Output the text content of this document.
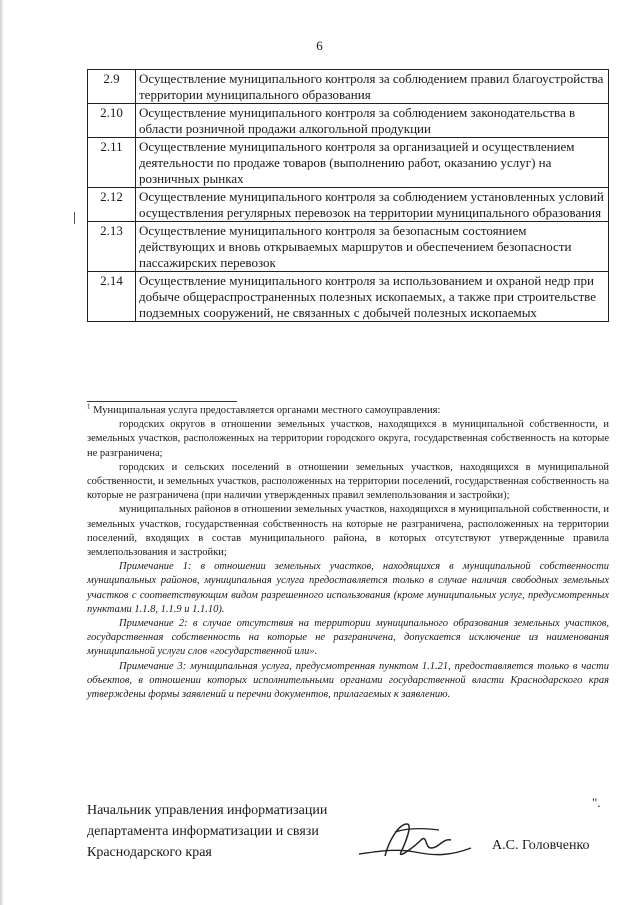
6
2.9	Осуществление муниципального контроля за соблюдением правил благоустройства территории муниципального образования
2.10	Осуществление муниципального контроля за соблюдением законодательства в области розничной продажи алкогольной продукции
2.11	Осуществление муниципального контроля за организацией и осуществлением деятельности по продаже товаров (выполнению работ, оказанию услуг) на розничных рынках
2.12	Осуществление муниципального контроля за соблюдением установленных условий осуществления регулярных перевозок на территории муниципального образования
2.13	Осуществление муниципального контроля за безопасным состоянием действующих и вновь открываемых маршрутов и обеспечением безопасности пассажирских перевозок
2.14	Осуществление муниципального контроля за использованием и охраной недр при добыче общераспространенных полезных ископаемых, а также при строительстве подземных сооружений, не связанных с добычей полезных ископаемых

$^1$ Муниципальная услуга предоставляется органами местного самоуправления:

городских округов в отношении земельных участков, находящихся в муниципальной собственности, и земельных участков, расположенных на территории городского округа, государственная собственность на которые не разграничена;

городских и сельских поселений в отношении земельных участков, находящихся в муниципальной собственности, и земельных участков, расположенных на территории поселений, государственная собственность на которые не разграничена (при наличии утвержденных правил землепользования и застройки);

муниципальных районов в отношении земельных участков, находящихся в муниципальной собственности, и земельных участков, государственная собственность на которые не разграничена, расположенных на территории поселений, входящих в состав муниципального района, в которых отсутствуют утвержденные правила землепользования и застройки;

Примечание 1: в отношении земельных участков, находящихся в муниципальной собственности муниципальных районов, муниципальная услуга предоставляется только в случае наличия свободных земельных участков с соответствующим видом разрешенного использования (кроме муниципальных услуг, предусмотренных пунктами 1.1.8, 1.1.9 и 1.1.10).

Примечание 2: в случае отсутствия на территории муниципального образования земельных участков, государственная собственность на которые не разграничена, допускается исключение из наименования муниципальной услуги слов «государственной или».

Примечание 3: муниципальная услуга, предусмотренная пунктом 1.1.21, предоставляется только в части объектов, в отношении которых исполнительными органами государственной власти Краснодарского края утверждены формы заявлений и перечни документов, прилагаемых к заявлению.

".
Начальник управления информатизации
департамента информатизации и связи
Краснодарского края	А.С. Головченко
